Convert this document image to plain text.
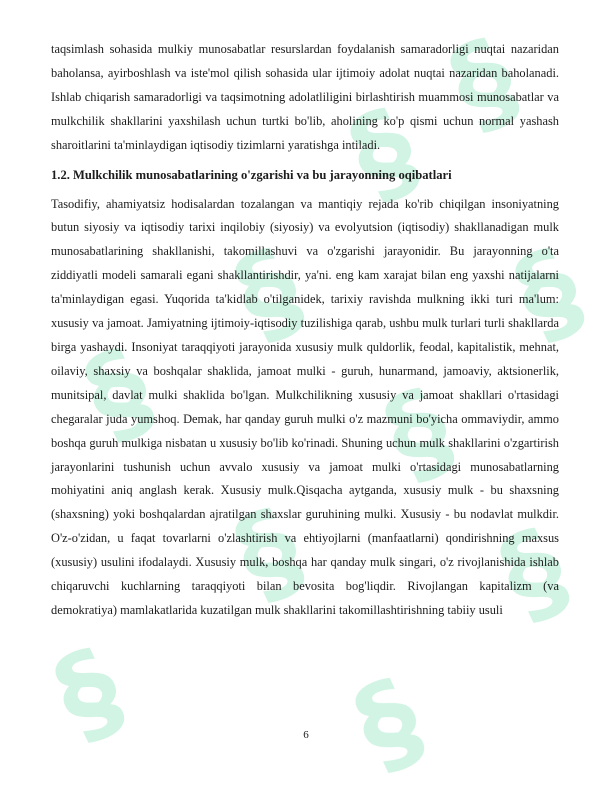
§
§
§ §
§ §
§ §
§ §

taqsimlash sohasida mulkiy munosabatlar resurslardan foydalanish samaradorligi nuqtai nazaridan baholansa, ayirboshlash va iste'mol qilish sohasida ular ijtimoiy adolat nuqtai nazaridan baholanadi. Ishlab chiqarish samaradorligi va taqsimotning adolatliligini birlashtirish muammosi munosabatlar va mulkchilik shakllarini yaxshilash uchun turtki bo'lib, aholining ko'p qismi uchun normal yashash sharoitlarini ta'minlaydigan iqtisodiy tizimlarni yaratishga intiladi.

1.2. Mulkchilik munosabatlarining o'zgarishi va bu jarayonning oqibatlari

Tasodifiy, ahamiyatsiz hodisalardan tozalangan va mantiqiy rejada ko'rib chiqilgan insoniyatning butun siyosiy va iqtisodiy tarixi inqilobiy (siyosiy) va evolyutsion (iqtisodiy) shakllanadigan mulk munosabatlarining shakllanishi, takomillashuvi va o'zgarishi jarayonidir. Bu jarayonning o'ta ziddiyatli modeli samarali egani shakllantirishdir, ya'ni. eng kam xarajat bilan eng yaxshi natijalarni ta'minlaydigan egasi. Yuqorida ta'kidlab o'tilganidek, tarixiy ravishda mulkning ikki turi ma'lum: xususiy va jamoat. Jamiyatning ijtimoiy-iqtisodiy tuzilishiga qarab, ushbu mulk turlari turli shakllarda birga yashaydi. Insoniyat taraqqiyoti jarayonida xususiy mulk quldorlik, feodal, kapitalistik, mehnat, oilaviy, shaxsiy va boshqalar shaklida, jamoat mulki - guruh, hunarmand, jamoaviy, aktsionerlik, munitsipal, davlat mulki shaklida bo'lgan. Mulkchilikning xususiy va jamoat shakllari o'rtasidagi chegaralar juda yumshoq. Demak, har qanday guruh mulki o'z mazmuni bo'yicha ommaviydir, ammo boshqa guruh mulkiga nisbatan u xususiy bo'lib ko'rinadi. Shuning uchun mulk shakllarini o'zgartirish jarayonlarini tushunish uchun avvalo xususiy va jamoat mulki o'rtasidagi munosabatlarning mohiyatini aniq anglash kerak. Xususiy mulk.Qisqacha aytganda, xususiy mulk - bu shaxsning (shaxsning) yoki boshqalardan ajratilgan shaxslar guruhining mulki. Xususiy - bu nodavlat mulkdir. O'z-o'zidan, u faqat tovarlarni o'zlashtirish va ehtiyojlarni (manfaatlarni) qondirishning maxsus (xususiy) usulini ifodalaydi. Xususiy mulk, boshqa har qanday mulk singari, o'z rivojlanishida ishlab chiqaruvchi kuchlarning taraqqiyoti bilan bevosita bog'liqdir. Rivojlangan kapitalizm (va demokratiya) mamlakatlarida kuzatilgan mulk shakllarini takomillashtirishning tabiiy usuli

6
